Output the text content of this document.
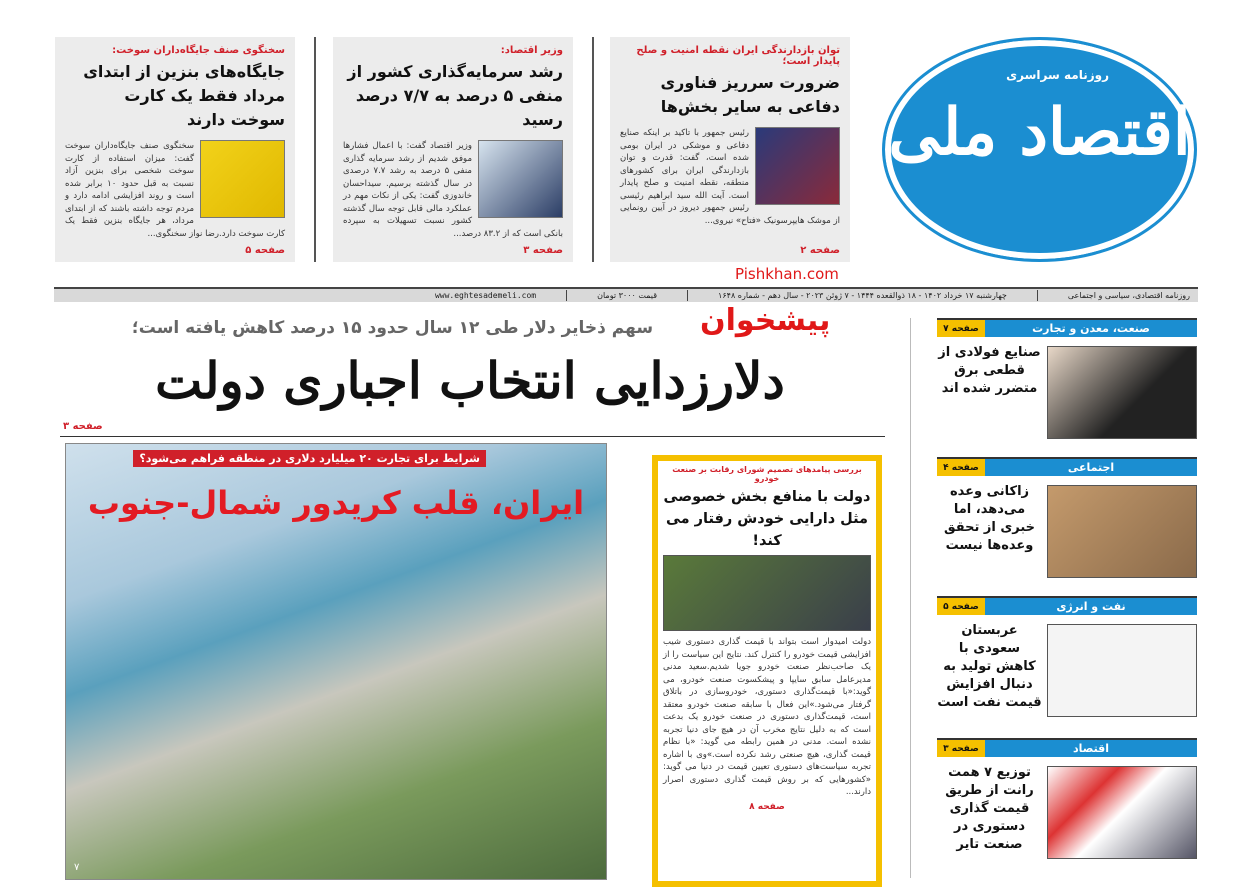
روزنامه سراسری
اقتصاد ملی
توان بازدارندگی ایران نقطه امنیت و صلح پایدار است؛
ضرورت سرریز فناوری دفاعی به سایر بخش‌ها
رئیس جمهور با تاکید بر اینکه صنایع دفاعی و موشکی در ایران بومی شده است، گفت: قدرت و توان بازدارندگی ایران برای کشورهای منطقه، نقطه امنیت و صلح پایدار است. آیت الله سید ابراهیم رئیسی رئیس جمهور دیروز در آیین رونمایی از موشک هایپرسونیک «فتاح» نیروی...
صفحه ۲
وزیر اقتصاد:
رشد سرمایه‌گذاری کشور از منفی ۵ درصد به ۷/۷ درصد رسید
وزیر اقتصاد گفت: با اعمال فشارها موفق شدیم از رشد سرمایه گذاری منفی ۵ درصد به رشد ۷.۷ درصدی در سال گذشته برسیم. سیداحسان خاندوزی گفت: یکی از نکات مهم در عملکرد مالی قابل توجه سال گذشته کشور نسبت تسهیلات به سپرده بانکی است که از ۸۳.۲ درصد...
صفحه ۳
سخنگوی صنف جایگاه‌داران سوخت:
جایگاه‌های بنزین از ابتدای مرداد فقط یک کارت سوخت دارند
سخنگوی صنف جایگاه‌داران سوخت گفت: میزان استفاده از کارت سوخت شخصی برای بنزین آزاد نسبت به قبل حدود ۱۰ برابر شده است و روند افزایشی ادامه دارد و مردم توجه داشته باشند که از ابتدای مرداد، هر جایگاه بنزین فقط یک کارت سوخت دارد.رضا نواز سخنگوی...
صفحه ۵
Pishkhan.com
روزنامه اقتصادی، سیاسی و اجتماعی
چهارشنبه ۱۷ خرداد ۱۴۰۲ - ۱۸ ذوالقعده ۱۴۴۴ - ۷ ژوئن ۲۰۲۳ - سال دهم - شماره ۱۶۴۸
قیمت ۳۰۰۰ تومان
www.eghtesademeli.com
سهم ذخایر دلار طی ۱۲ سال حدود ۱۵ درصد کاهش یافته است؛	پیشخوان
دلارزدایی انتخاب اجباری دولت
صفحه ۳
شرایط برای تجارت ۲۰ میلیارد دلاری در منطقه فراهم می‌شود؟
ایران، قلب کریدور شمال-جنوب
۷
بررسی پیامدهای تصمیم شورای رقابت بر صنعت خودرو
دولت با منافع بخش خصوصی مثل دارایی خودش رفتار می کند!
دولت امیدوار است بتواند با قیمت گذاری دستوری شیب افزایشی قیمت خودرو را کنترل کند. نتایج این سیاست را از یک صاحب‌نظر صنعت خودرو جویا شدیم.سعید مدنی مدیرعامل سابق سایپا و پیشکسوت صنعت خودرو، می گوید:«با قیمت‌گذاری دستوری، خودروسازی در باتلاق گرفتار می‌شود.»این فعال با سابقه صنعت خودرو معتقد است، قیمت‌گذاری دستوری در صنعت خودرو یک بدعت است که به دلیل نتایج مخرب آن در هیچ جای دنیا تجربه نشده است. مدنی در همین رابطه می گوید: «با نظام قیمت گذاری، هیچ صنعتی رشد نکرده است.»وی با اشاره تجربه سیاست‌های دستوری تعیین قیمت در دنیا می گوید: «کشورهایی که بر روش قیمت گذاری دستوری اصرار دارند...
صفحه ۸
صنعت، معدن و تجارت
صفحه ۷
صنایع فولادی از قطعی برق متضرر شده اند
اجتماعی
صفحه ۴
زاکانی وعده می‌دهد، اما خبری از تحقق وعده‌ها نیست
نفت و انرژی
صفحه ۵
عربستان سعودی با کاهش تولید به دنبال افزایش قیمت نفت است
اقتصاد
صفحه ۳
توزیع ۷ همت رانت از طریق قیمت گذاری دستوری در صنعت تایر
